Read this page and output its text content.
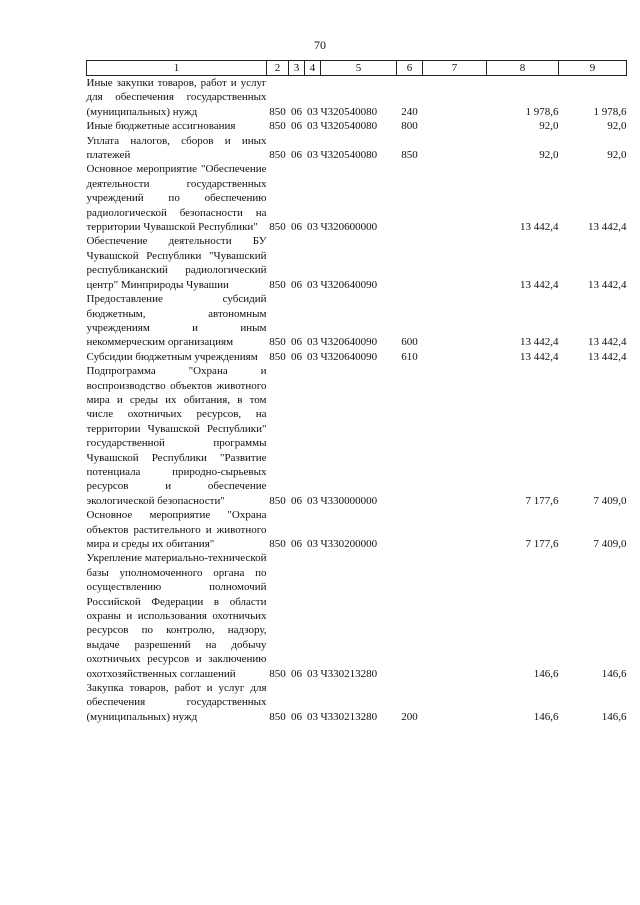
70
1	2	3	4	5	6	7	8	9
Иные закупки товаров, работ и услуг для обеспечения государственных (муниципальных) нужд	850	06	03	Ч320540080	240		1 978,6	1 978,6
Иные бюджетные ассигнования	850	06	03	Ч320540080	800		92,0	92,0
Уплата налогов, сборов и иных платежей	850	06	03	Ч320540080	850		92,0	92,0
Основное мероприятие "Обеспечение деятельности государственных учреждений по обеспечению радиологической безопасности на территории Чувашской Республики"	850	06	03	Ч320600000			13 442,4	13 442,4
Обеспечение деятельности БУ Чувашской Республики "Чувашский республиканский радиологический центр" Минприроды Чувашии	850	06	03	Ч320640090			13 442,4	13 442,4
Предоставление субсидий бюджетным, автономным учреждениям и иным некоммерческим организациям	850	06	03	Ч320640090	600		13 442,4	13 442,4
Субсидии бюджетным учреждениям	850	06	03	Ч320640090	610		13 442,4	13 442,4
Подпрограмма "Охрана и воспроизводство объектов животного мира и среды их обитания, в том числе охотничьих ресурсов, на территории Чувашской Республики" государственной программы Чувашской Республики "Развитие потенциала природно-сырьевых ресурсов и обеспечение экологической безопасности"	850	06	03	Ч330000000			7 177,6	7 409,0
Основное мероприятие "Охрана объектов растительного и животного мира и среды их обитания"	850	06	03	Ч330200000			7 177,6	7 409,0
Укрепление материально-технической базы уполномоченного органа по осуществлению полномочий Российской Федерации в области охраны и использования охотничьих ресурсов по контролю, надзору, выдаче разрешений на добычу охотничьих ресурсов и заключению охотхозяйственных соглашений	850	06	03	Ч330213280			146,6	146,6
Закупка товаров, работ и услуг для обеспечения государственных (муниципальных) нужд	850	06	03	Ч330213280	200		146,6	146,6
